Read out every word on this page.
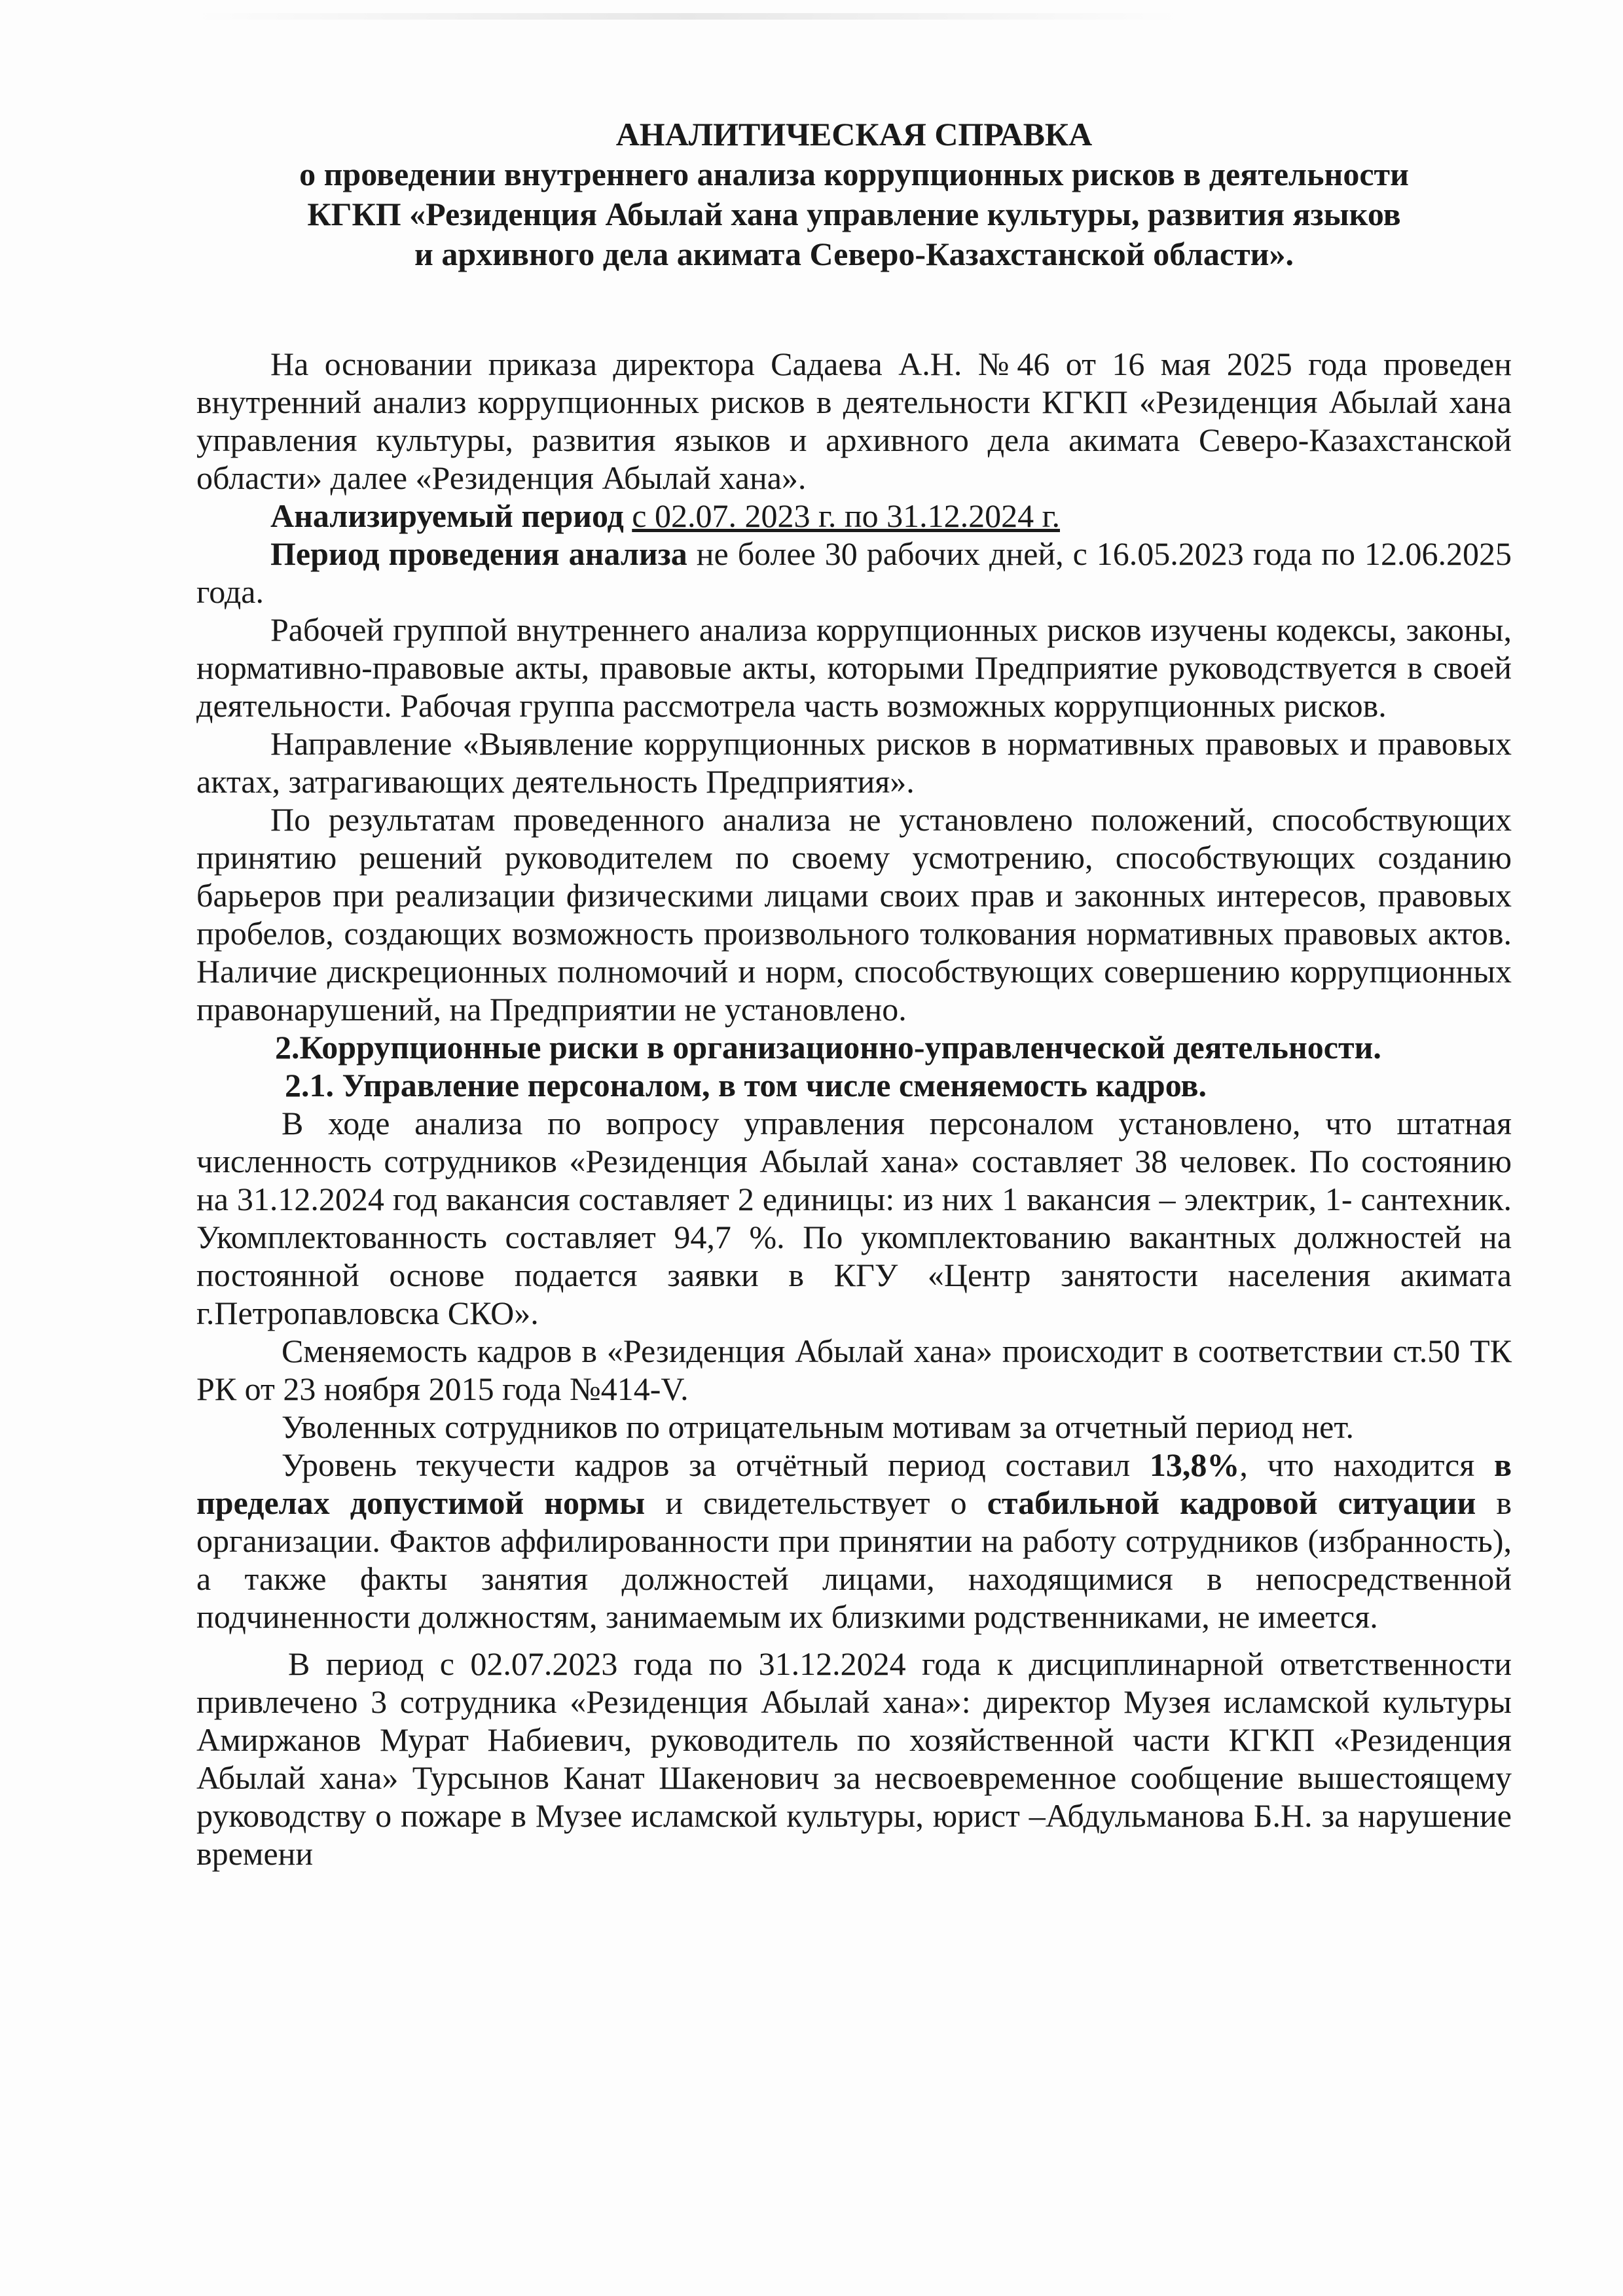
АНАЛИТИЧЕСКАЯ СПРАВКА
о проведении внутреннего анализа коррупционных рисков в деятельности
КГКП «Резиденция Абылай хана управление культуры, развития языков
и архивного дела акимата Северо-Казахстанской области».

На основании приказа директора Садаева А.Н. №46 от 16 мая 2025 года проведен внутренний анализ коррупционных рисков в деятельности КГКП «Резиденция Абылай хана управления культуры, развития языков и архивного дела акимата Северо-Казахстанской области» далее «Резиденция Абылай хана».

Анализируемый период с 02.07. 2023 г. по 31.12.2024 г.

Период проведения анализа не более 30 рабочих дней, с 16.05.2023 года по 12.06.2025 года.

Рабочей группой внутреннего анализа коррупционных рисков изучены кодексы, законы, нормативно-правовые акты, правовые акты, которыми Предприятие руководствуется в своей деятельности. Рабочая группа рассмотрела часть возможных коррупционных рисков.

Направление «Выявление коррупционных рисков в нормативных правовых и правовых актах, затрагивающих деятельность Предприятия».

По результатам проведенного анализа не установлено положений, способствующих принятию решений руководителем по своему усмотрению, способствующих созданию барьеров при реализации физическими лицами своих прав и законных интересов, правовых пробелов, создающих возможность произвольного толкования нормативных правовых актов. Наличие дискреционных полномочий и норм, способствующих совершению коррупционных правонарушений, на Предприятии не установлено.

2.Коррупционные риски в организационно-управленческой деятельности.

2.1. Управление персоналом, в том числе сменяемость кадров.

В ходе анализа по вопросу управления персоналом установлено, что штатная численность сотрудников «Резиденция Абылай хана» составляет 38 человек. По состоянию на 31.12.2024 год вакансия составляет 2 единицы: из них 1 вакансия – электрик, 1- сантехник. Укомплектованность составляет 94,7 %. По укомплектованию вакантных должностей на постоянной основе подается заявки в КГУ «Центр занятости населения акимата г.Петропавловска СКО».

Сменяемость кадров в «Резиденция Абылай хана» происходит в соответствии ст.50 ТК РК от 23 ноября 2015 года №414-V.

Уволенных сотрудников по отрицательным мотивам за отчетный период нет.

Уровень текучести кадров за отчётный период составил 13,8%, что находится в пределах допустимой нормы и свидетельствует о стабильной кадровой ситуации в организации. Фактов аффилированности при принятии на работу сотрудников (избранность), а также факты занятия должностей лицами, находящимися в непосредственной подчиненности должностям, занимаемым их близкими родственниками, не имеется.

В период с 02.07.2023 года по 31.12.2024 года к дисциплинарной ответственности привлечено 3 сотрудника «Резиденция Абылай хана»: директор Музея исламской культуры Амиржанов Мурат Набиевич, руководитель по хозяйственной части КГКП «Резиденция Абылай хана» Турсынов Канат Шакенович за несвоевременное сообщение вышестоящему руководству о пожаре в Музее исламской культуры, юрист –Абдульманова Б.Н. за нарушение времени
